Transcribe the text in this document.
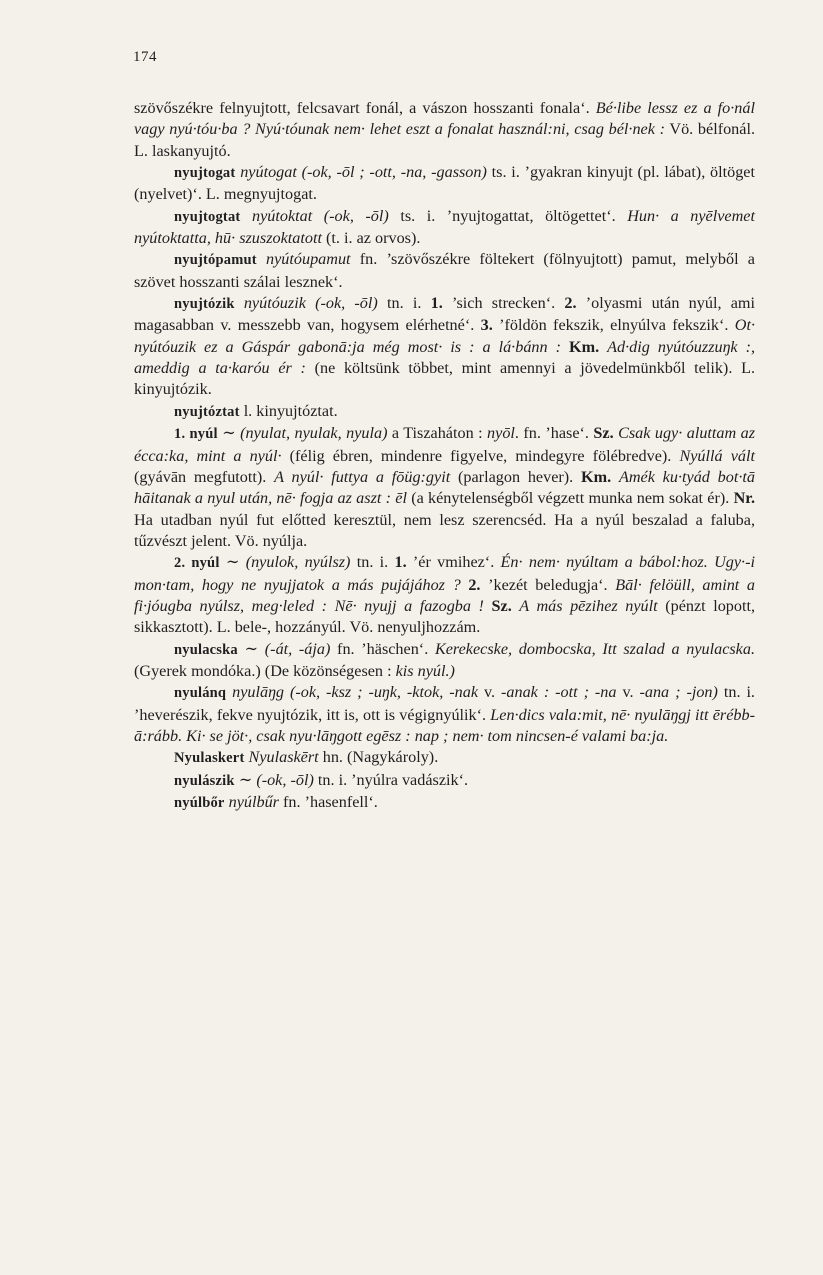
174

szövőszékre felnyujtott, felcsavart fonál, a vászon hosszanti fonala‘. Bé·libe lessz ez a fo·nál vagy nyú·tóu·ba ? Nyú·tóunak nem· lehet eszt a fonalat használ:ni, csag bél·nek : Vö. bélfonál. L. laskanyujtó.

nyujtogat nyútogat (-ok, -ōl ; -ott, -na, -gasson) ts. i. ’gyakran kinyujt (pl. lábat), öltöget (nyelvet)‘. L. megnyujtogat.

nyujtogtat nyútoktat (-ok, -ōl) ts. i. ’nyujtogattat, öltögettet‘. Hun· a nyēlvemet nyútoktatta, hū· szuszoktatott (t. i. az orvos).

nyujtópamut nyútóupamut fn. ’szövőszékre föltekert (fölnyujtott) pamut, melyből a szövet hosszanti szálai lesznek‘.

nyujtózik nyútóuzik (-ok, -ōl) tn. i. 1. ’sich strecken‘. 2. ’olyasmi után nyúl, ami magasabban v. messzebb van, hogysem elérhetné‘. 3. ’földön fekszik, elnyúlva fekszik‘. Ot· nyútóuzik ez a Gáspár gabonā:ja még most· is : a lá·bánn : Km. Ad·dig nyútóuzzuŋk :, ameddig a ta·karóu ér : (ne költsünk többet, mint amennyi a jövedelmünkből telik). L. kinyujtózik.

nyujtóztat l. kinyujtóztat.

1. nyúl ∼ (nyulat, nyulak, nyula) a Tiszaháton : nyōl. fn. ’hase‘. Sz. Csak ugy· aluttam az écca:ka, mint a nyúl· (félig ébren, mindenre figyelve, mindegyre fölébredve). Nyúllá vált (gyávān megfutott). A nyúl· futtya a fōüg:gyit (parlagon hever). Km. Amék ku·tyád bot·tā hāitanak a nyul után, nē· fogja az aszt : ēl (a kénytelenségből végzett munka nem sokat ér). Nr. Ha utadban nyúl fut előtted keresztül, nem lesz szerencséd. Ha a nyúl beszalad a faluba, tűzvészt jelent. Vö. nyúlja.

2. nyúl ∼ (nyulok, nyúlsz) tn. i. 1. ’ér vmihez‘. Én· nem· nyúltam a bábol:hoz. Ugy·-i mon·tam, hogy ne nyujjatok a más pujájához ? 2. ’kezét beledugja‘. Bāl· felöüll, amint a fi·jóugba nyúlsz, meg·leled : Nē· nyujj a fazogba ! Sz. A más pēzihez nyúlt (pénzt lopott, sikkasztott). L. bele-, hozzányúl. Vö. nenyuljhozzám.

nyulacska ∼ (-át, -ája) fn. ’häschen‘. Kerekecske, dombocska, Itt szalad a nyulacska. (Gyerek mondóka.) (De közönségesen : kis nyúl.)

nyulánq nyulāŋg (-ok, -ksz ; -uŋk, -ktok, -nak v. -anak : -ott ; -na v. -ana ; -jon) tn. i. ’heverészik, fekve nyujtózik, itt is, ott is végignyúlik‘. Len·dics vala:mit, nē· nyulāŋgj itt ērébb-ā:rább. Ki· se jöt·, csak nyu·lāŋgott egēsz : nap ; nem· tom nincsen-é valami ba:ja.

Nyulaskert Nyulaskērt hn. (Nagykároly).

nyulászik ∼ (-ok, -ōl) tn. i. ’nyúlra vadászik‘.

nyúlbőr nyúlbűr fn. ’hasenfell‘.
